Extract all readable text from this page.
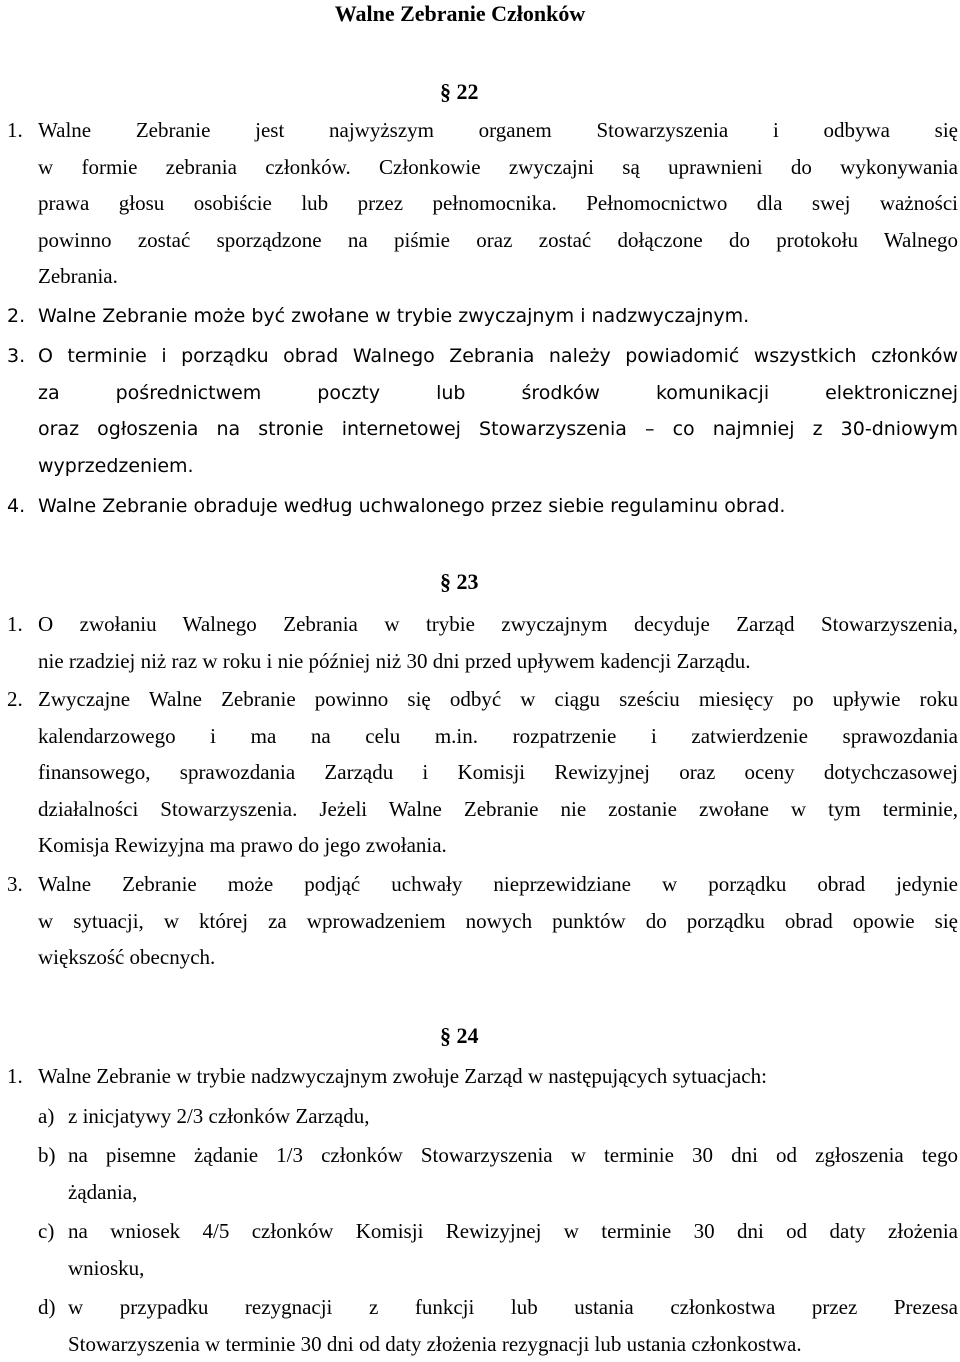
Walne Zebranie Członków
§ 22
1. Walne Zebranie jest najwyższym organem Stowarzyszenia i odbywa się
w formie zebrania członków. Członkowie zwyczajni są uprawnieni do wykonywania
prawa głosu osobiście lub przez pełnomocnika. Pełnomocnictwo dla swej ważności
powinno zostać sporządzone na piśmie oraz zostać dołączone do protokołu Walnego
Zebrania.
2. Walne Zebranie może być zwołane w trybie zwyczajnym i nadzwyczajnym.
3. O terminie i porządku obrad Walnego Zebrania należy powiadomić wszystkich członków
za pośrednictwem poczty lub środków komunikacji elektronicznej
oraz ogłoszenia na stronie internetowej Stowarzyszenia – co najmniej z 30-dniowym
wyprzedzeniem.
4. Walne Zebranie obraduje według uchwalonego przez siebie regulaminu obrad.
§ 23
1. O zwołaniu Walnego Zebrania w trybie zwyczajnym decyduje Zarząd Stowarzyszenia,
nie rzadziej niż raz w roku i nie później niż 30 dni przed upływem kadencji Zarządu.
2. Zwyczajne Walne Zebranie powinno się odbyć w ciągu sześciu miesięcy po upływie roku
kalendarzowego i ma na celu m.in. rozpatrzenie i zatwierdzenie sprawozdania
finansowego, sprawozdania Zarządu i Komisji Rewizyjnej oraz oceny dotychczasowej
działalności Stowarzyszenia. Jeżeli Walne Zebranie nie zostanie zwołane w tym terminie,
Komisja Rewizyjna ma prawo do jego zwołania.
3. Walne Zebranie może podjąć uchwały nieprzewidziane w porządku obrad jedynie
w sytuacji, w której za wprowadzeniem nowych punktów do porządku obrad opowie się
większość obecnych.
§ 24
1. Walne Zebranie w trybie nadzwyczajnym zwołuje Zarząd w następujących sytuacjach:
a) z inicjatywy 2/3 członków Zarządu,
b) na pisemne żądanie 1/3 członków Stowarzyszenia w terminie 30 dni od zgłoszenia tego
żądania,
c) na wniosek 4/5 członków Komisji Rewizyjnej w terminie 30 dni od daty złożenia
wniosku,
d) w przypadku rezygnacji z funkcji lub ustania członkostwa przez Prezesa
Stowarzyszenia w terminie 30 dni od daty złożenia rezygnacji lub ustania członkostwa.
